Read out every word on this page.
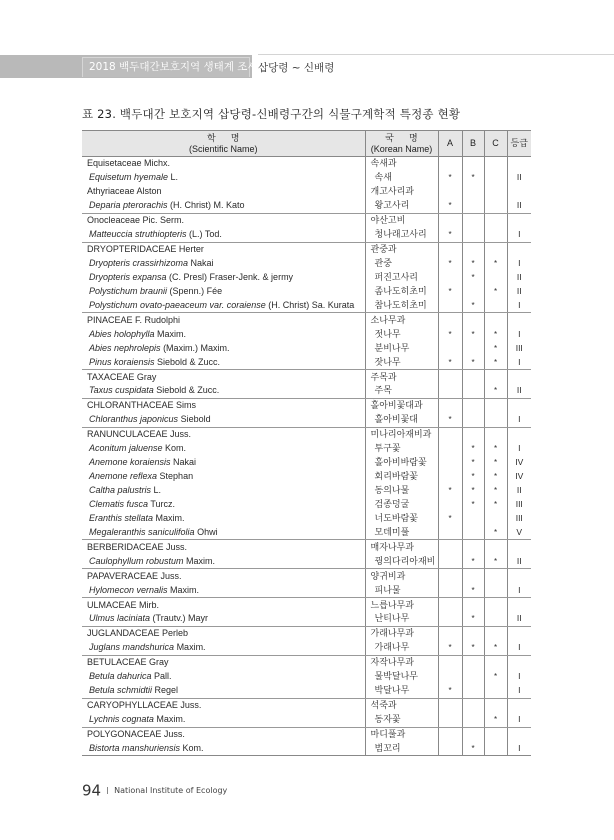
2018 백두대간보호지역 생태계 조사 삽당령 ~ 신배령
표 23. 백두대간 보호지역 삽당령-신배령구간의 식물구계학적 특정종 현황
학      명
(Scientific Name)

국      명
(Korean Name)
	A	B	C	등급
Equisetaceae Michx.	속새과				
Equisetum hyemale L.	속새	*	*		II
Athyriaceae Alston	개고사리과				
Deparia pterorachis (H. Christ) M. Kato	왕고사리	*			II
Onocleaceae Pic. Serm.	야산고비				
Matteuccia struthiopteris (L.) Tod.	청나래고사리	*			I
DRYOPTERIDACEAE Herter	관중과				
Dryopteris crassirhizoma Nakai	관중	*	*	*	I
Dryopteris expansa (C. Presl) Fraser-Jenk. & jermy	퍼진고사리		*		II
Polystichum braunii (Spenn.) Fée	좀나도히초미	*		*	II
Polystichum ovato-paeaceum var. coraiense (H. Christ) Sa. Kurata	참나도히초미		*		I
PINACEAE F. Rudolphi	소나무과				
Abies holophylla Maxim.	젓나무	*	*	*	I
Abies nephrolepis (Maxim.) Maxim.	분비나무			*	III
Pinus koraiensis Siebold & Zucc.	잣나무	*	*	*	I
TAXACEAE Gray	주목과				
Taxus cuspidata Siebold & Zucc.	주목			*	II
CHLORANTHACEAE Sims	홀아비꽃대과				
Chloranthus japonicus Siebold	홀아비꽃대	*			I
RANUNCULACEAE Juss.	미나리아재비과				
Aconitum jaluense Kom.	투구꽃		*	*	I
Anemone koraiensis Nakai	홀아비바람꽃		*	*	IV
Anemone reflexa Stephan	회리바람꽃		*	*	IV
Caltha palustris L.	동의나물	*	*	*	II
Clematis fusca Turcz.	검종덩굴		*	*	III
Eranthis stellata Maxim.	너도바람꽃	*			III
Megaleranthis saniculifolia Ohwi	모데미풀			*	V
BERBERIDACEAE Juss.	매자나무과				
Caulophyllum robustum Maxim.	꿩의다리아재비		*	*	II
PAPAVERACEAE Juss.	양귀비과				
Hylomecon vernalis Maxim.	피나물		*		I
ULMACEAE Mirb.	느릅나무과				
Ulmus laciniata (Trautv.) Mayr	난티나무		*		II
JUGLANDACEAE Perleb	가래나무과				
Juglans mandshurica Maxim.	가래나무	*	*	*	I
BETULACEAE Gray	자작나무과				
Betula dahurica Pall.	물박달나무			*	I
Betula schmidtii Regel	박달나무	*			I
CARYOPHYLLACEAE Juss.	석죽과				
Lychnis cognata Maxim.	동자꽃			*	I
POLYGONACEAE Juss.	마디풀과				
Bistorta manshuriensis Kom.	범꼬리		*		I
94 National Institute of Ecology
